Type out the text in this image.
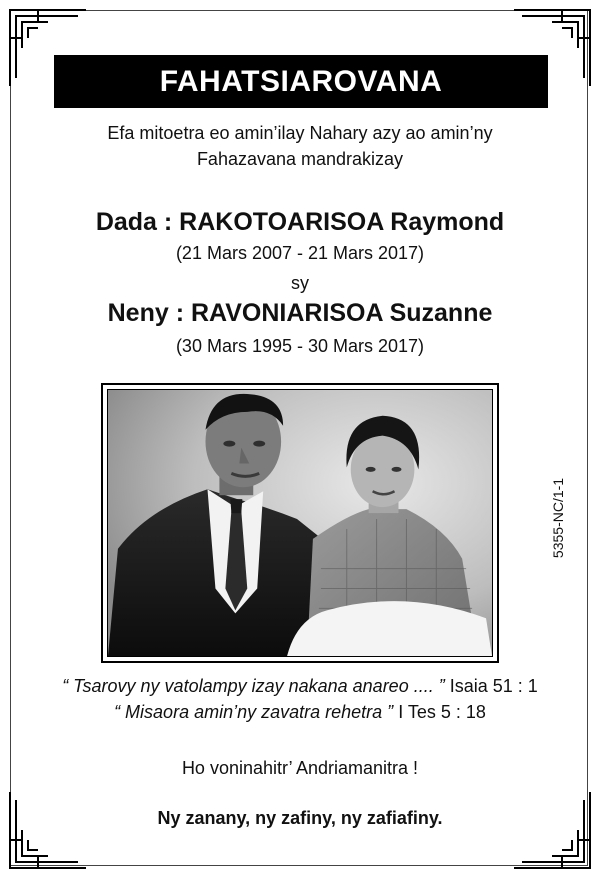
FAHATSIAROVANA
Efa mitoetra eo amin’ilay Nahary azy ao amin’ny
Fahazavana mandrakizay
Dada : RAKOTOARISOA Raymond
(21 Mars 2007 - 21 Mars 2017)
sy
Neny : RAVONIARISOA Suzanne
(30 Mars 1995 - 30 Mars 2017)
5355-NC/1-1
“ Tsarovy ny vatolampy izay nakana anareo .... ” Isaia 51 : 1
“ Misaora amin’ny zavatra rehetra ” I Tes 5 : 18
Ho voninahitr’ Andriamanitra !
Ny zanany, ny zafiny, ny zafiafiny.
